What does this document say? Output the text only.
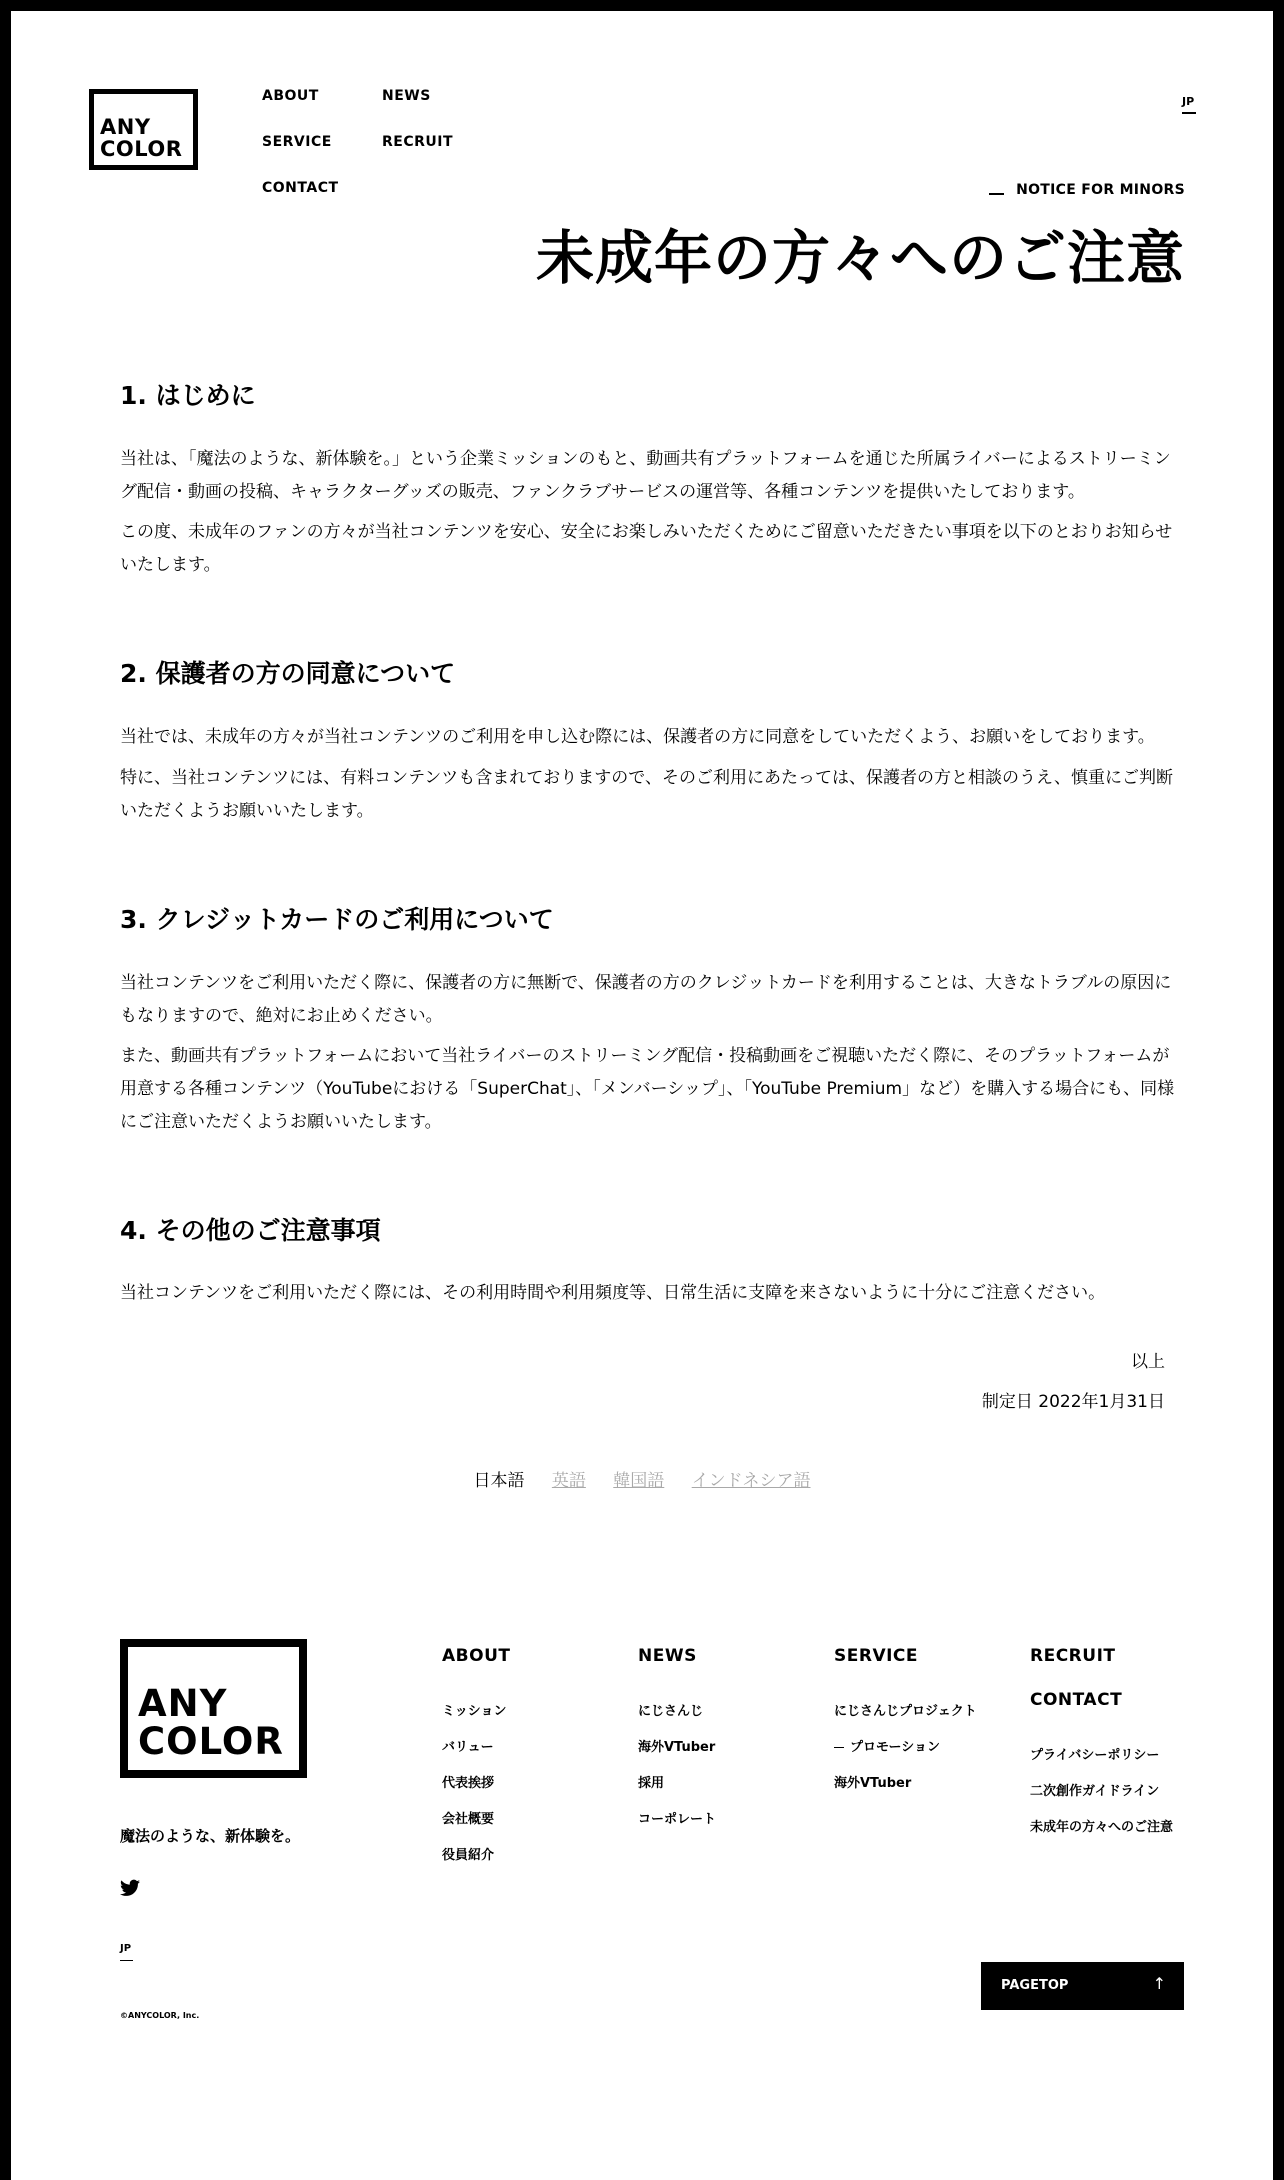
ANY
COLOR
ABOUT	NEWS
SERVICE	RECRUIT
CONTACT
JP
NOTICE FOR MINORS
未成年の方々へのご注意
1. はじめに

当社は、「魔法のような、新体験を。」という企業ミッションのもと、動画共有プラットフォームを通じた所属ライバーによるストリーミング配信・動画の投稿、キャラクターグッズの販売、ファンクラブサービスの運営等、各種コンテンツを提供いたしております。

この度、未成年のファンの方々が当社コンテンツを安心、安全にお楽しみいただくためにご留意いただきたい事項を以下のとおりお知らせいたします。

2. 保護者の方の同意について

当社では、未成年の方々が当社コンテンツのご利用を申し込む際には、保護者の方に同意をしていただくよう、お願いをしております。

特に、当社コンテンツには、有料コンテンツも含まれておりますので、そのご利用にあたっては、保護者の方と相談のうえ、慎重にご判断いただくようお願いいたします。

3. クレジットカードのご利用について

当社コンテンツをご利用いただく際に、保護者の方に無断で、保護者の方のクレジットカードを利用することは、大きなトラブルの原因にもなりますので、絶対にお止めください。

また、動画共有プラットフォームにおいて当社ライバーのストリーミング配信・投稿動画をご視聴いただく際に、そのプラットフォームが用意する各種コンテンツ（YouTubeにおける「SuperChat」、「メンバーシップ」、「YouTube Premium」など）を購入する場合にも、同様にご注意いただくようお願いいたします。

4. その他のご注意事項

当社コンテンツをご利用いただく際には、その利用時間や利用頻度等、日常生活に支障を来さないように十分にご注意ください。

以上
制定日 2022年1月31日
日本語 英語 韓国語 インドネシア語
ANY
COLOR
魔法のような、新体験を。
JP
©ANYCOLOR, Inc.
ABOUT
ミッション
バリュー
代表挨拶
会社概要
役員紹介
NEWS
にじさんじ
海外VTuber
採用
コーポレート
SERVICE
にじさんじプロジェクト
プロモーション
海外VTuber
RECRUIT
CONTACT
プライバシーポリシー
二次創作ガイドライン
未成年の方々へのご注意
PAGETOP	↑
